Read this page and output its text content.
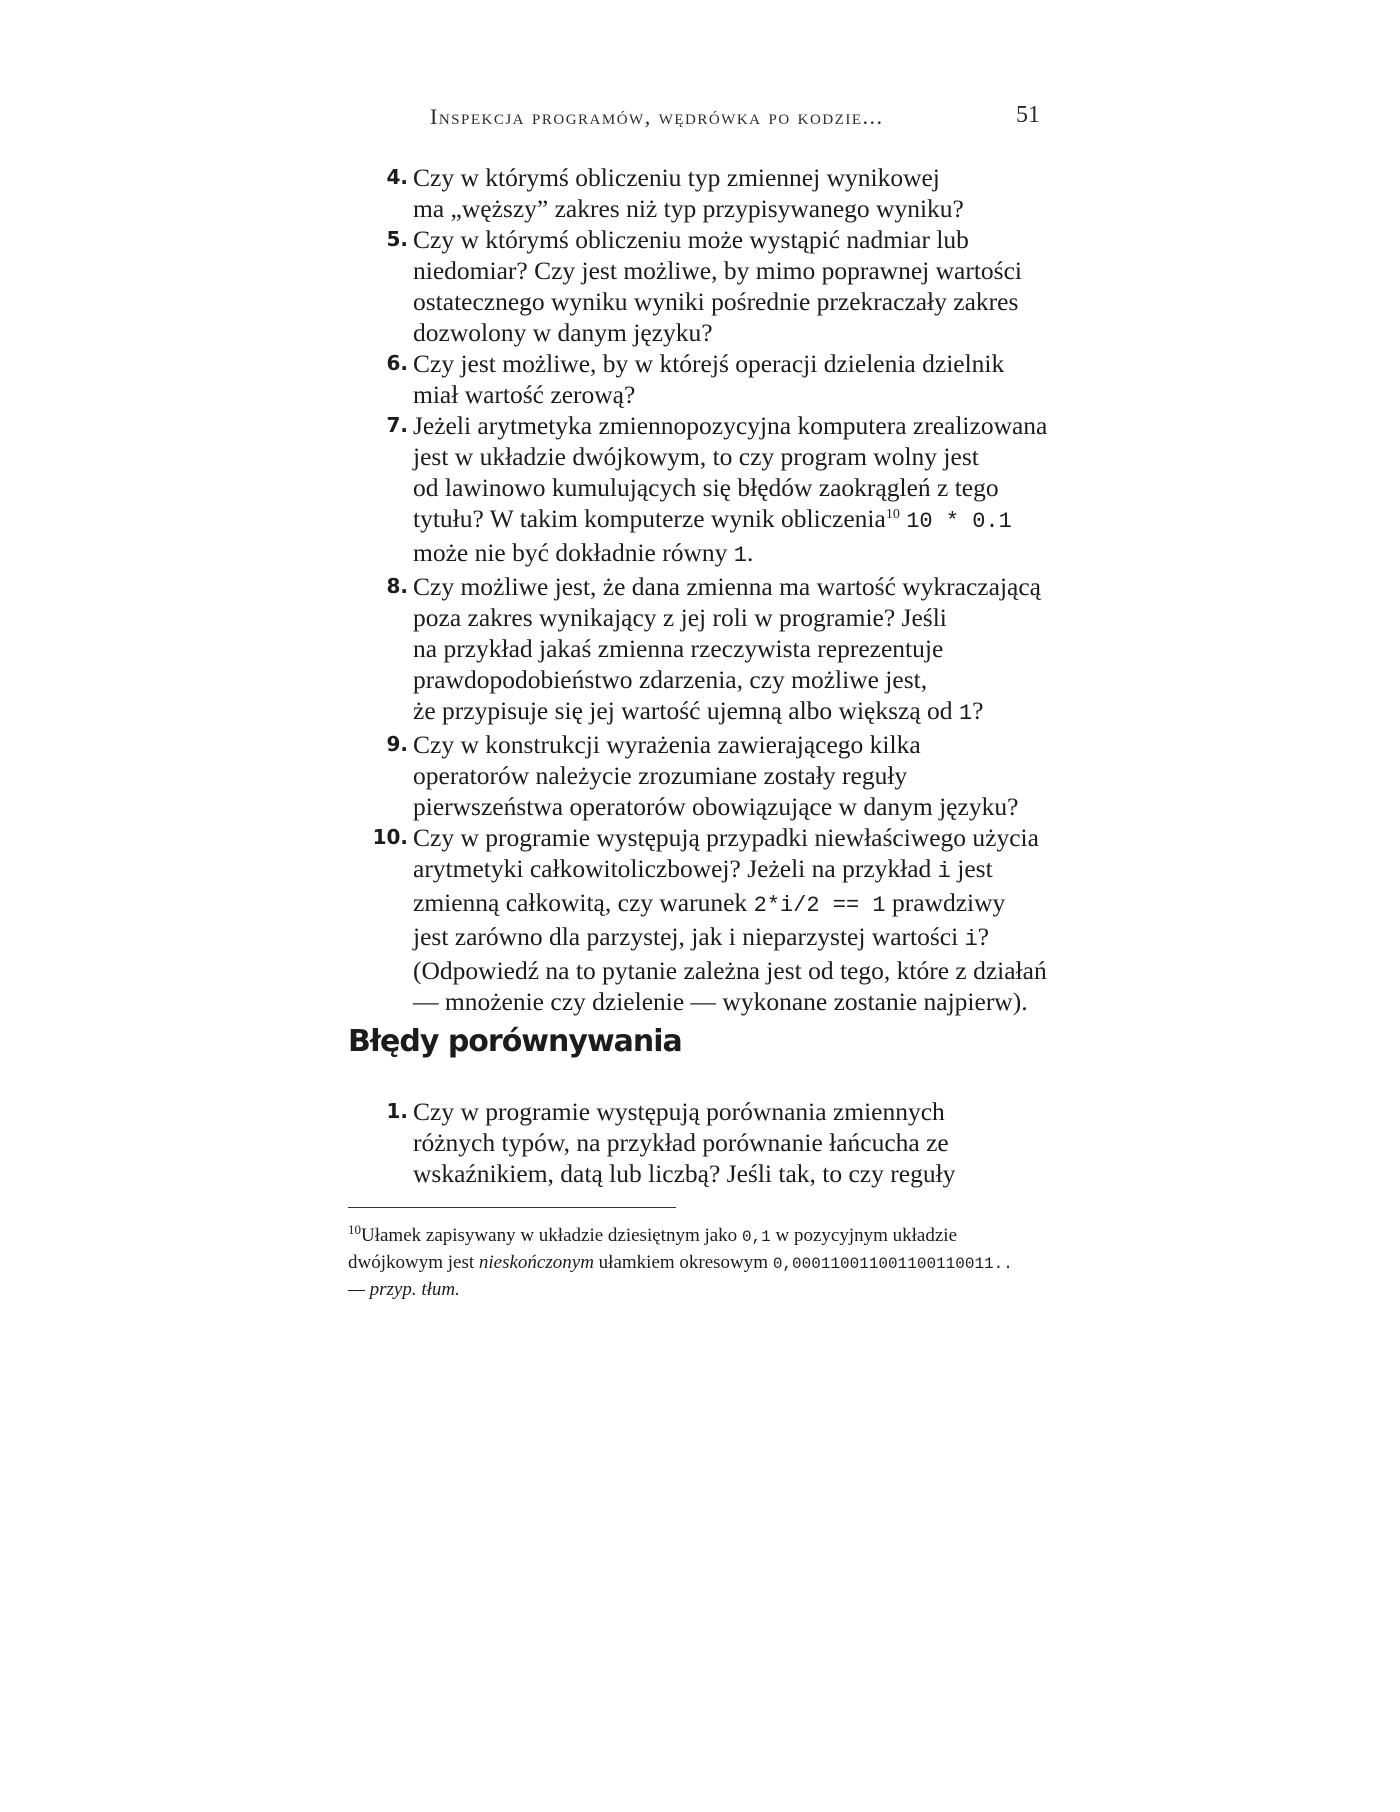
Inspekcja programów, wędrówka po kodzie...	51
4. Czy w którymś obliczeniu typ zmiennej wynikowej
ma „węższy” zakres niż typ przypisywanego wyniku?
5. Czy w którymś obliczeniu może wystąpić nadmiar lub
niedomiar? Czy jest możliwe, by mimo poprawnej wartości
ostatecznego wyniku wyniki pośrednie przekraczały zakres
dozwolony w danym języku?
6. Czy jest możliwe, by w którejś operacji dzielenia dzielnik
miał wartość zerową?
7. Jeżeli arytmetyka zmiennopozycyjna komputera zrealizowana
jest w układzie dwójkowym, to czy program wolny jest
od lawinowo kumulujących się błędów zaokrągleń z tego
tytułu? W takim komputerze wynik obliczenia$^{10}$ 10 * 0.1
może nie być dokładnie równy 1.
8. Czy możliwe jest, że dana zmienna ma wartość wykraczającą
poza zakres wynikający z jej roli w programie? Jeśli
na przykład jakaś zmienna rzeczywista reprezentuje
prawdopodobieństwo zdarzenia, czy możliwe jest,
że przypisuje się jej wartość ujemną albo większą od 1?
9. Czy w konstrukcji wyrażenia zawierającego kilka
operatorów należycie zrozumiane zostały reguły
pierwszeństwa operatorów obowiązujące w danym języku?
10. Czy w programie występują przypadki niewłaściwego użycia
arytmetyki całkowitoliczbowej? Jeżeli na przykład i jest
zmienną całkowitą, czy warunek 2*i/2 == 1 prawdziwy
jest zarówno dla parzystej, jak i nieparzystej wartości i?
(Odpowiedź na to pytanie zależna jest od tego, które z działań
— mnożenie czy dzielenie — wykonane zostanie najpierw).
Błędy porównywania
1. Czy w programie występują porównania zmiennych
różnych typów, na przykład porównanie łańcucha ze
wskaźnikiem, datą lub liczbą? Jeśli tak, to czy reguły
$^{10}$Ułamek zapisywany w układzie dziesiętnym jako 0,1 w pozycyjnym układzie
dwójkowym jest nieskończonym ułamkiem okresowym 0,000110011001100110011..
— przyp. tłum.
